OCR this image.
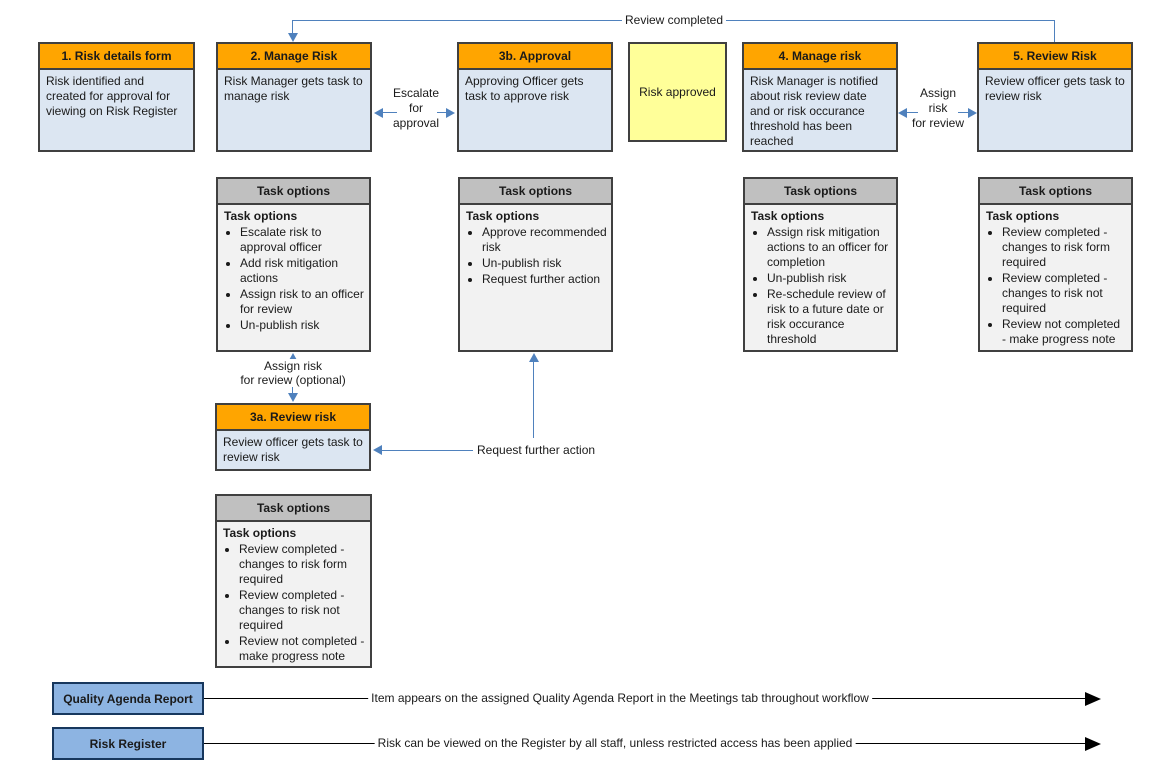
Review completed
1. Risk details form
Risk identified and created for approval for viewing on Risk Register
2. Manage Risk
Risk Manager gets task to manage risk
3b. Approval
Approving Officer gets task to approve risk	Risk approved
4. Manage risk
Risk Manager is notified about risk review date and or risk occurance threshold has been reached
5. Review Risk
Review officer gets task to review risk
Escalate
for
approval
Assign
risk
for review
Task options
Task options
• Escalate risk to approval officer
• Add risk mitigation actions
• Assign risk to an officer for review
• Un-publish risk
Task options
Task options
• Approve recommended risk
• Un-publish risk
• Request further action
Task options
Task options
• Assign risk mitigation actions to an officer for completion
• Un-publish risk
• Re-schedule review of risk to a future date or risk occurance threshold
Task options
Task options
• Review completed - changes to risk form required
• Review completed - changes to risk not required
• Review not completed - make progress note
Assign risk
for review (optional)
Request further action
3a. Review risk
Review officer gets task to review risk
Task options
Task options
• Review completed - changes to risk form required
• Review completed - changes to risk not required
• Review not completed - make progress note
Quality Agenda Report	Item appears on the assigned Quality Agenda Report in the Meetings tab throughout workflow
Risk Register	Risk can be viewed on the Register by all staff, unless restricted access has been applied
